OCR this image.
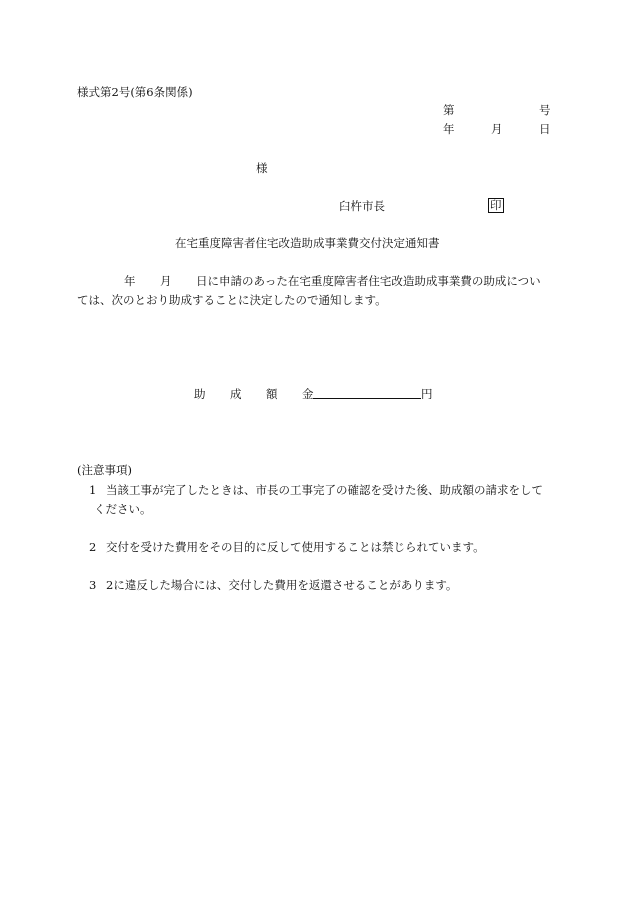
様式第2号(第6条関係)
第	号
年	月	日
様
臼杵市長	印
在宅重度障害者住宅改造助成事業費交付決定通知書
年 月 日に申請のあった在宅重度障害者住宅改造助成事業費の助成につい
ては、次のとおり助成することに決定したので通知します。
助 成 額 金	円
(注意事項)
1 当該工事が完了したときは、市長の工事完了の確認を受けた後、助成額の請求をして
ください。
2 交付を受けた費用をその目的に反して使用することは禁じられています。
3 2に違反した場合には、交付した費用を返還させることがあります。
